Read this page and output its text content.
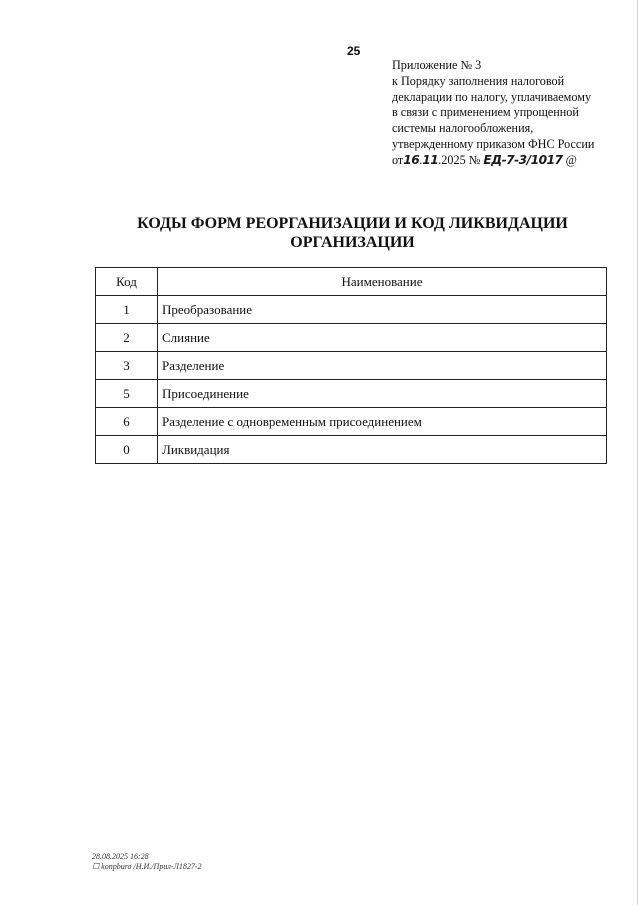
25
Приложение № 3
к Порядку заполнения налоговой
декларации по налогу, уплачиваемому
в связи с применением упрощенной
системы налогообложения,
утвержденному приказом ФНС России
от16.11.2025 № ЕД-7-3/1017 @
КОДЫ ФОРМ РЕОРГАНИЗАЦИИ И КОД ЛИКВИДАЦИИ
ОРГАНИЗАЦИИ
Код	Наименование
1	Преобразование
2	Слияние
3	Разделение
5	Присоединение
6	Разделение с одновременным присоединением
0	Ликвидация
28.08.2025 16:28
☐ konpburo /Н.И./Прил-Л1827-2
